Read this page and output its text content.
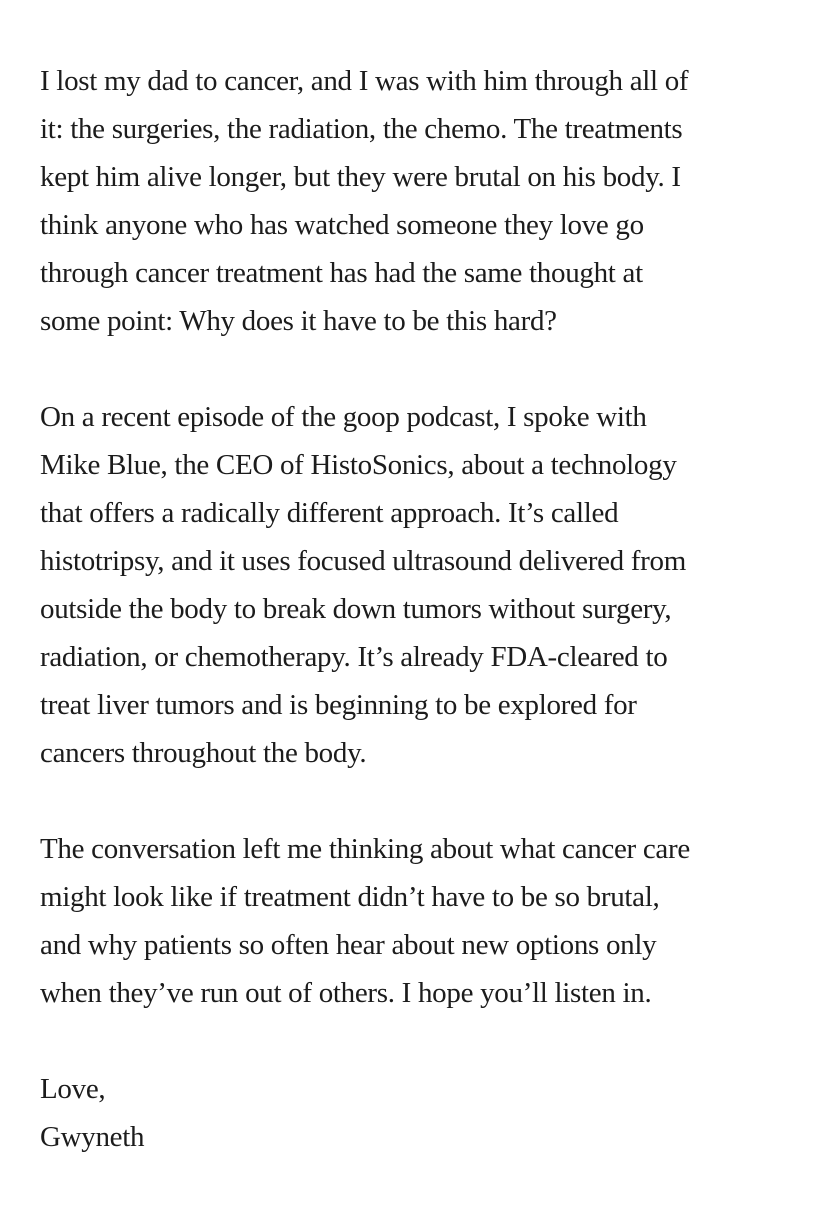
I lost my dad to cancer, and I was with him through all of
it: the surgeries, the radiation, the chemo. The treatments
kept him alive longer, but they were brutal on his body. I
think anyone who has watched someone they love go
through cancer treatment has had the same thought at
some point: Why does it have to be this hard?

On a recent episode of the goop podcast, I spoke with
Mike Blue, the CEO of HistoSonics, about a technology
that offers a radically different approach. It’s called
histotripsy, and it uses focused ultrasound delivered from
outside the body to break down tumors without surgery,
radiation, or chemotherapy. It’s already FDA-cleared to
treat liver tumors and is beginning to be explored for
cancers throughout the body.

The conversation left me thinking about what cancer care
might look like if treatment didn’t have to be so brutal,
and why patients so often hear about new options only
when they’ve run out of others. I hope you’ll listen in.

Love,
Gwyneth
